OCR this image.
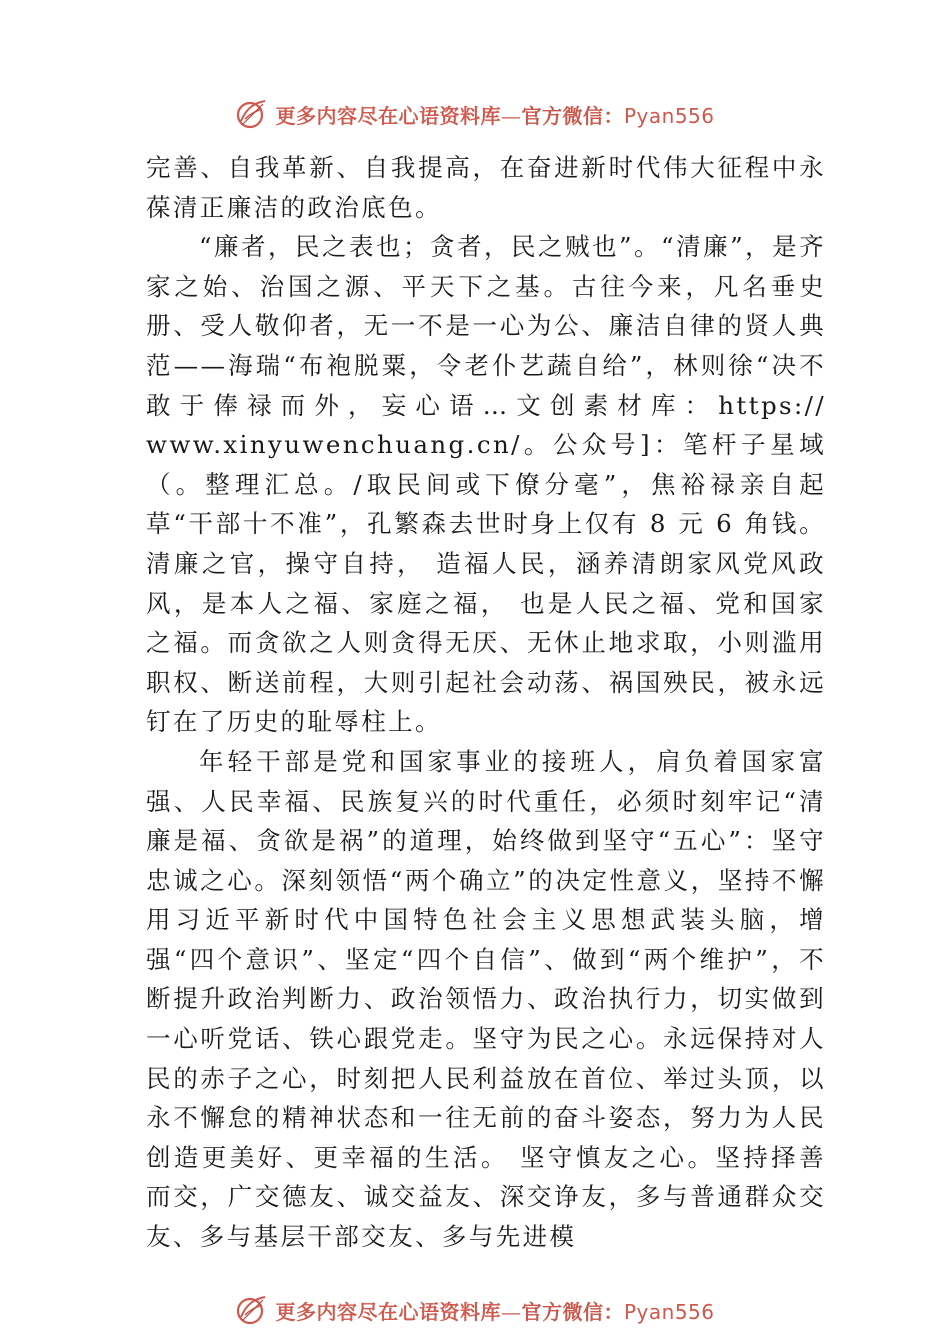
更多内容尽在心语资料库—官方微信：Pyan556

完善、自我革新、自我提高，在奋进新时代伟大征程中永葆清正廉洁的政治底色。

“廉者，民之表也；贪者，民之贼也”。“清廉”，是齐家之始、治国之源、平天下之基。古往今来，凡名垂史册、受人敬仰者，无一不是一心为公、廉洁自律的贤人典范——海瑞“布袍脱粟，令老仆艺蔬自给”，林则徐“决不敢于俸禄而外，妄心语…文创素材库：https:// www.xinyuwenchuang.cn/。公众号]：笔杆子星域（。整理汇总。/取民间或下僚分毫”，焦裕禄亲自起草“干部十不准”，孔繁森去世时身上仅有 8 元 6 角钱。清廉之官，操守自持， 造福人民，涵养清朗家风党风政风，是本人之福、家庭之福， 也是人民之福、党和国家之福。而贪欲之人则贪得无厌、无休止地求取，小则滥用职权、断送前程，大则引起社会动荡、祸国殃民，被永远钉在了历史的耻辱柱上。

年轻干部是党和国家事业的接班人，肩负着国家富强、人民幸福、民族复兴的时代重任，必须时刻牢记“清廉是福、贪欲是祸”的道理，始终做到坚守“五心”：坚守忠诚之心。深刻领悟“两个确立”的决定性意义，坚持不懈用习近平新时代中国特色社会主义思想武装头脑，增强“四个意识”、坚定“四个自信”、做到“两个维护”，不断提升政治判断力、政治领悟力、政治执行力，切实做到一心听党话、铁心跟党走。坚守为民之心。永远保持对人民的赤子之心，时刻把人民利益放在首位、举过头顶，以永不懈怠的精神状态和一往无前的奋斗姿态，努力为人民创造更美好、更幸福的生活。 坚守慎友之心。坚持择善而交，广交德友、诚交益友、深交诤友，多与普通群众交友、多与基层干部交友、多与先进模

更多内容尽在心语资料库—官方微信：Pyan556
